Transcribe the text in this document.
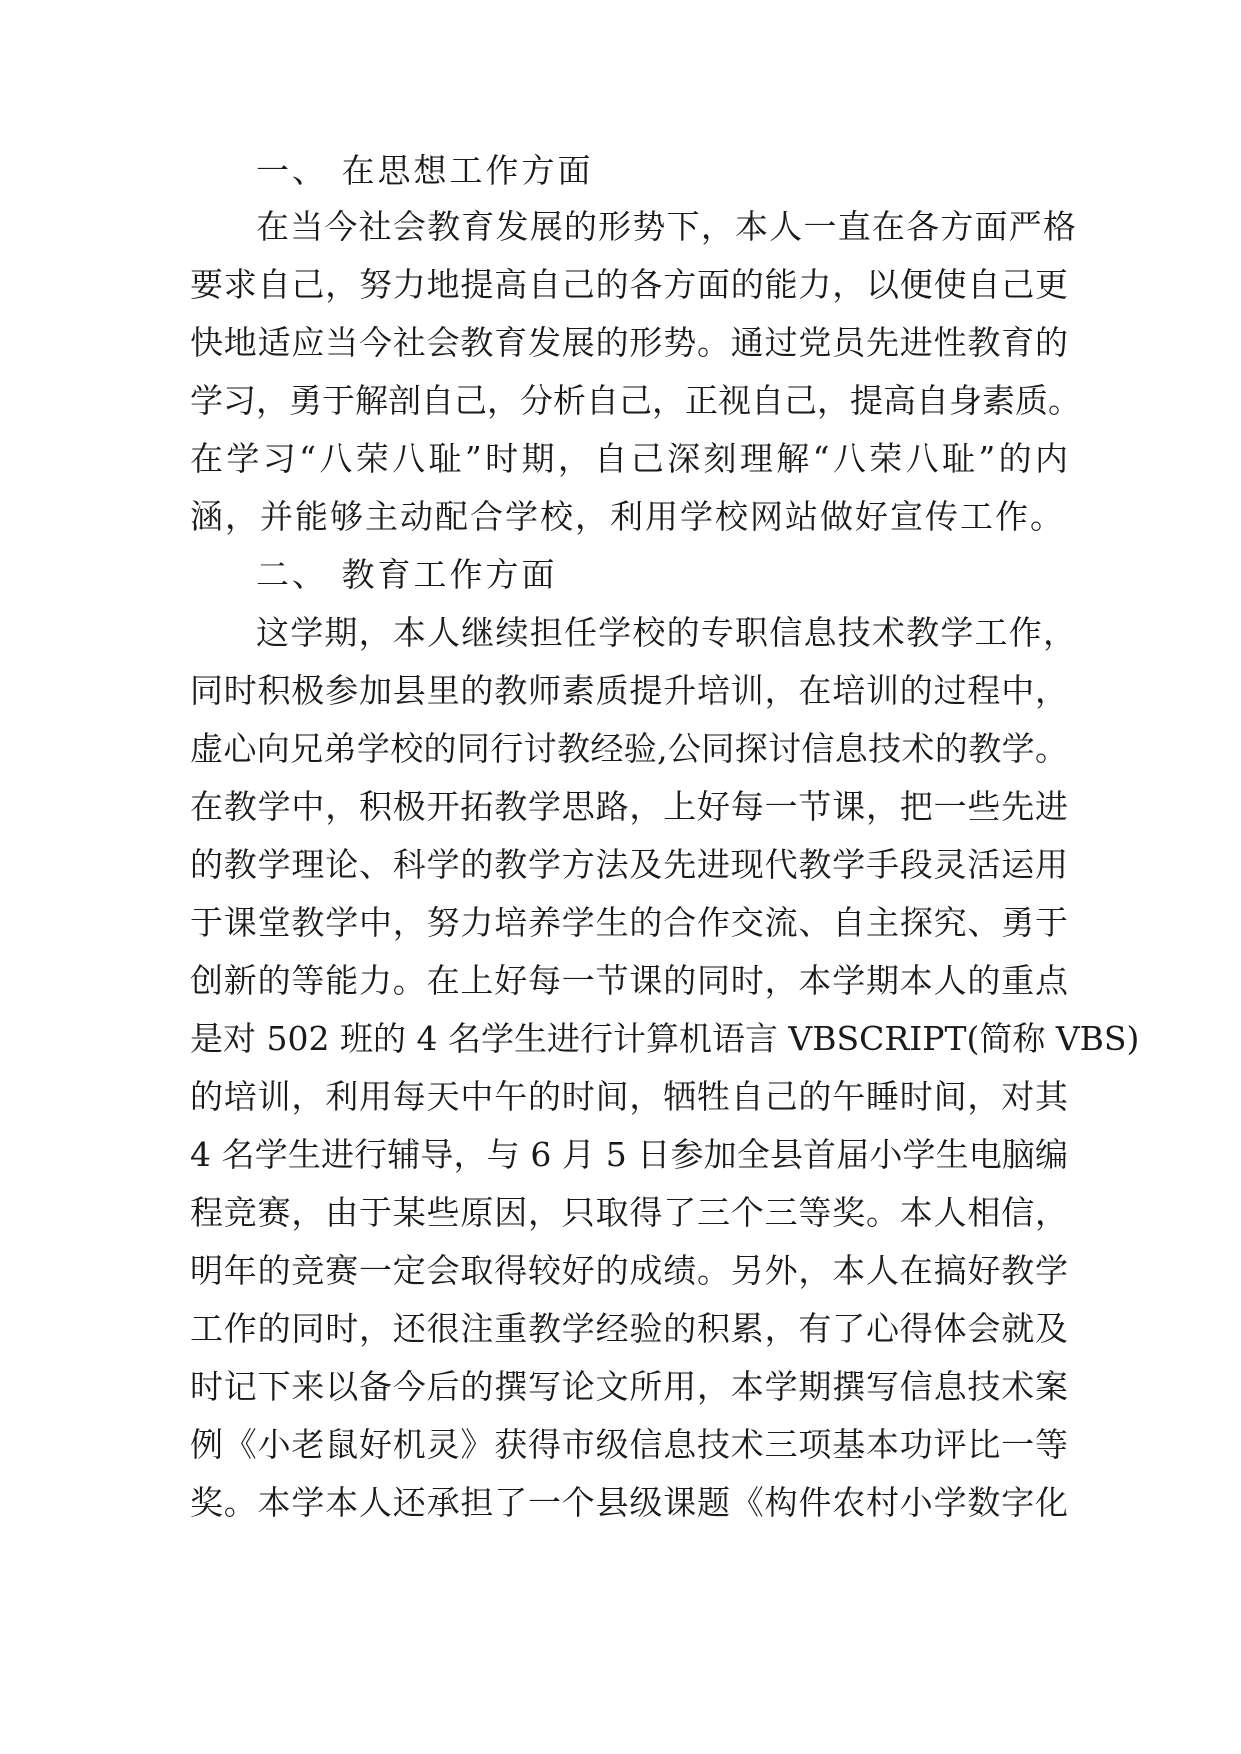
一、 在思想工作方面
在当今社会教育发展的形势下，本人一直在各方面严格
要求自己，努力地提高自己的各方面的能力，以便使自己更
快地适应当今社会教育发展的形势。通过党员先进性教育的
学习，勇于解剖自己，分析自己，正视自己，提高自身素质。
在学习“八荣八耻”时期，自己深刻理解“八荣八耻”的内
涵，并能够主动配合学校，利用学校网站做好宣传工作。
二、 教育工作方面
这学期，本人继续担任学校的专职信息技术教学工作，
同时积极参加县里的教师素质提升培训，在培训的过程中，
虚心向兄弟学校的同行讨教经验,公同探讨信息技术的教学。
在教学中，积极开拓教学思路，上好每一节课，把一些先进
的教学理论、科学的教学方法及先进现代教学手段灵活运用
于课堂教学中，努力培养学生的合作交流、自主探究、勇于
创新的等能力。在上好每一节课的同时，本学期本人的重点
是对 502 班的 4 名学生进行计算机语言 VBSCRIPT(简称 VBS)
的培训，利用每天中午的时间，牺牲自己的午睡时间，对其
4 名学生进行辅导，与 6 月 5 日参加全县首届小学生电脑编
程竞赛，由于某些原因，只取得了三个三等奖。本人相信，
明年的竞赛一定会取得较好的成绩。另外，本人在搞好教学
工作的同时，还很注重教学经验的积累，有了心得体会就及
时记下来以备今后的撰写论文所用，本学期撰写信息技术案
例《小老鼠好机灵》获得市级信息技术三项基本功评比一等
奖。本学本人还承担了一个县级课题《构件农村小学数字化
